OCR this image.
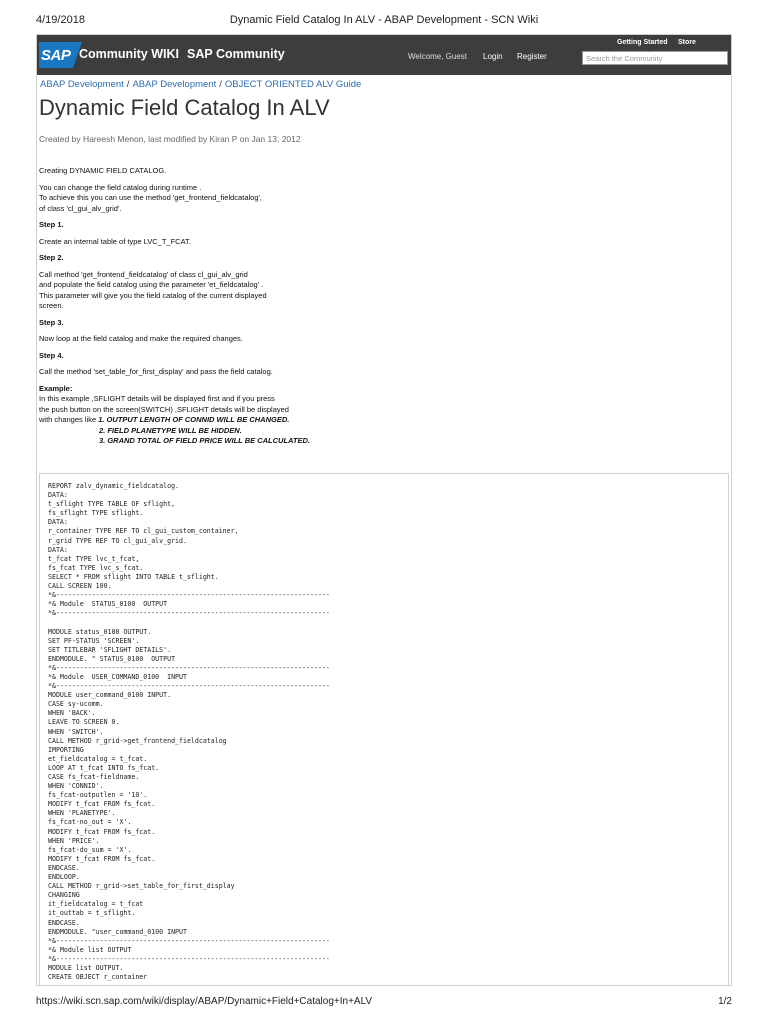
4/19/2018	Dynamic Field Catalog In ALV - ABAP Development - SCN Wiki
SAP Community WIKI SAP Community
Getting Started Store
Welcome, Guest Login Register	Search the Community
ABAP Development / ABAP Development / OBJECT ORIENTED ALV Guide
Dynamic Field Catalog In ALV
Created by Hareesh Menon, last modified by Kiran P on Jan 13, 2012

Creating DYNAMIC FIELD CATALOG.

You can change the field catalog during runtime .
To achieve this you can use the method 'get_frontend_fieldcatalog',
of class 'cl_gui_alv_grid'.

Step 1.

Create an internal table of type LVC_T_FCAT.

Step 2.

Call method 'get_frontend_fieldcatalog' of class cl_gui_alv_grid
and populate the field catalog using the parameter 'et_fieldcatalog' .
This parameter will give you the field catalog of the current displayed
screen.

Step 3.

Now loop at the field catalog and make the required changes.

Step 4.

Call the method 'set_table_for_first_display' and pass the field catalog.

Example:
In this example ,SFLIGHT details will be displayed first and if you press
the push button on the screen(SWITCH) ,SFLIGHT details will be displayed
with changes like 1. OUTPUT LENGTH OF CONNID WILL BE CHANGED.
2. FIELD PLANETYPE WILL BE HIDDEN.
3. GRAND TOTAL OF FIELD PRICE WILL BE CALCULATED.

REPORT zalv_dynamic_fieldcatalog.
DATA:
t_sflight TYPE TABLE OF sflight,
fs_sflight TYPE sflight.
DATA:
r_container TYPE REF TO cl_gui_custom_container,
r_grid TYPE REF TO cl_gui_alv_grid.
DATA:
t_fcat TYPE lvc_t_fcat,
fs_fcat TYPE lvc_s_fcat.
SELECT * FROM sflight INTO TABLE t_sflight.
CALL SCREEN 100.
*&---------------------------------------------------------------------
*& Module  STATUS_0100  OUTPUT
*&---------------------------------------------------------------------

MODULE status_0100 OUTPUT.
SET PF-STATUS 'SCREEN'.
SET TITLEBAR 'SFLIGHT DETAILS'.
ENDMODULE. " STATUS_0100  OUTPUT
*&---------------------------------------------------------------------
*& Module  USER_COMMAND_0100  INPUT
*&---------------------------------------------------------------------
MODULE user_command_0100 INPUT.
CASE sy-ucomm.
WHEN 'BACK'.
LEAVE TO SCREEN 0.
WHEN 'SWITCH'.
CALL METHOD r_grid->get_frontend_fieldcatalog
IMPORTING
et_fieldcatalog = t_fcat.
LOOP AT t_fcat INTO fs_fcat.
CASE fs_fcat-fieldname.
WHEN 'CONNID'.
fs_fcat-outputlen = '10'.
MODIFY t_fcat FROM fs_fcat.
WHEN 'PLANETYPE'.
fs_fcat-no_out = 'X'.
MODIFY t_fcat FROM fs_fcat.
WHEN 'PRICE'.
fs_fcat-do_sum = 'X'.
MODIFY t_fcat FROM fs_fcat.
ENDCASE.
ENDLOOP.
CALL METHOD r_grid->set_table_for_first_display
CHANGING
it_fieldcatalog = t_fcat
it_outtab = t_sflight.
ENDCASE.
ENDMODULE. "user_command_0100 INPUT
*&---------------------------------------------------------------------
*& Module list OUTPUT
*&---------------------------------------------------------------------
MODULE list OUTPUT.
CREATE OBJECT r_container
https://wiki.scn.sap.com/wiki/display/ABAP/Dynamic+Field+Catalog+In+ALV	1/2
